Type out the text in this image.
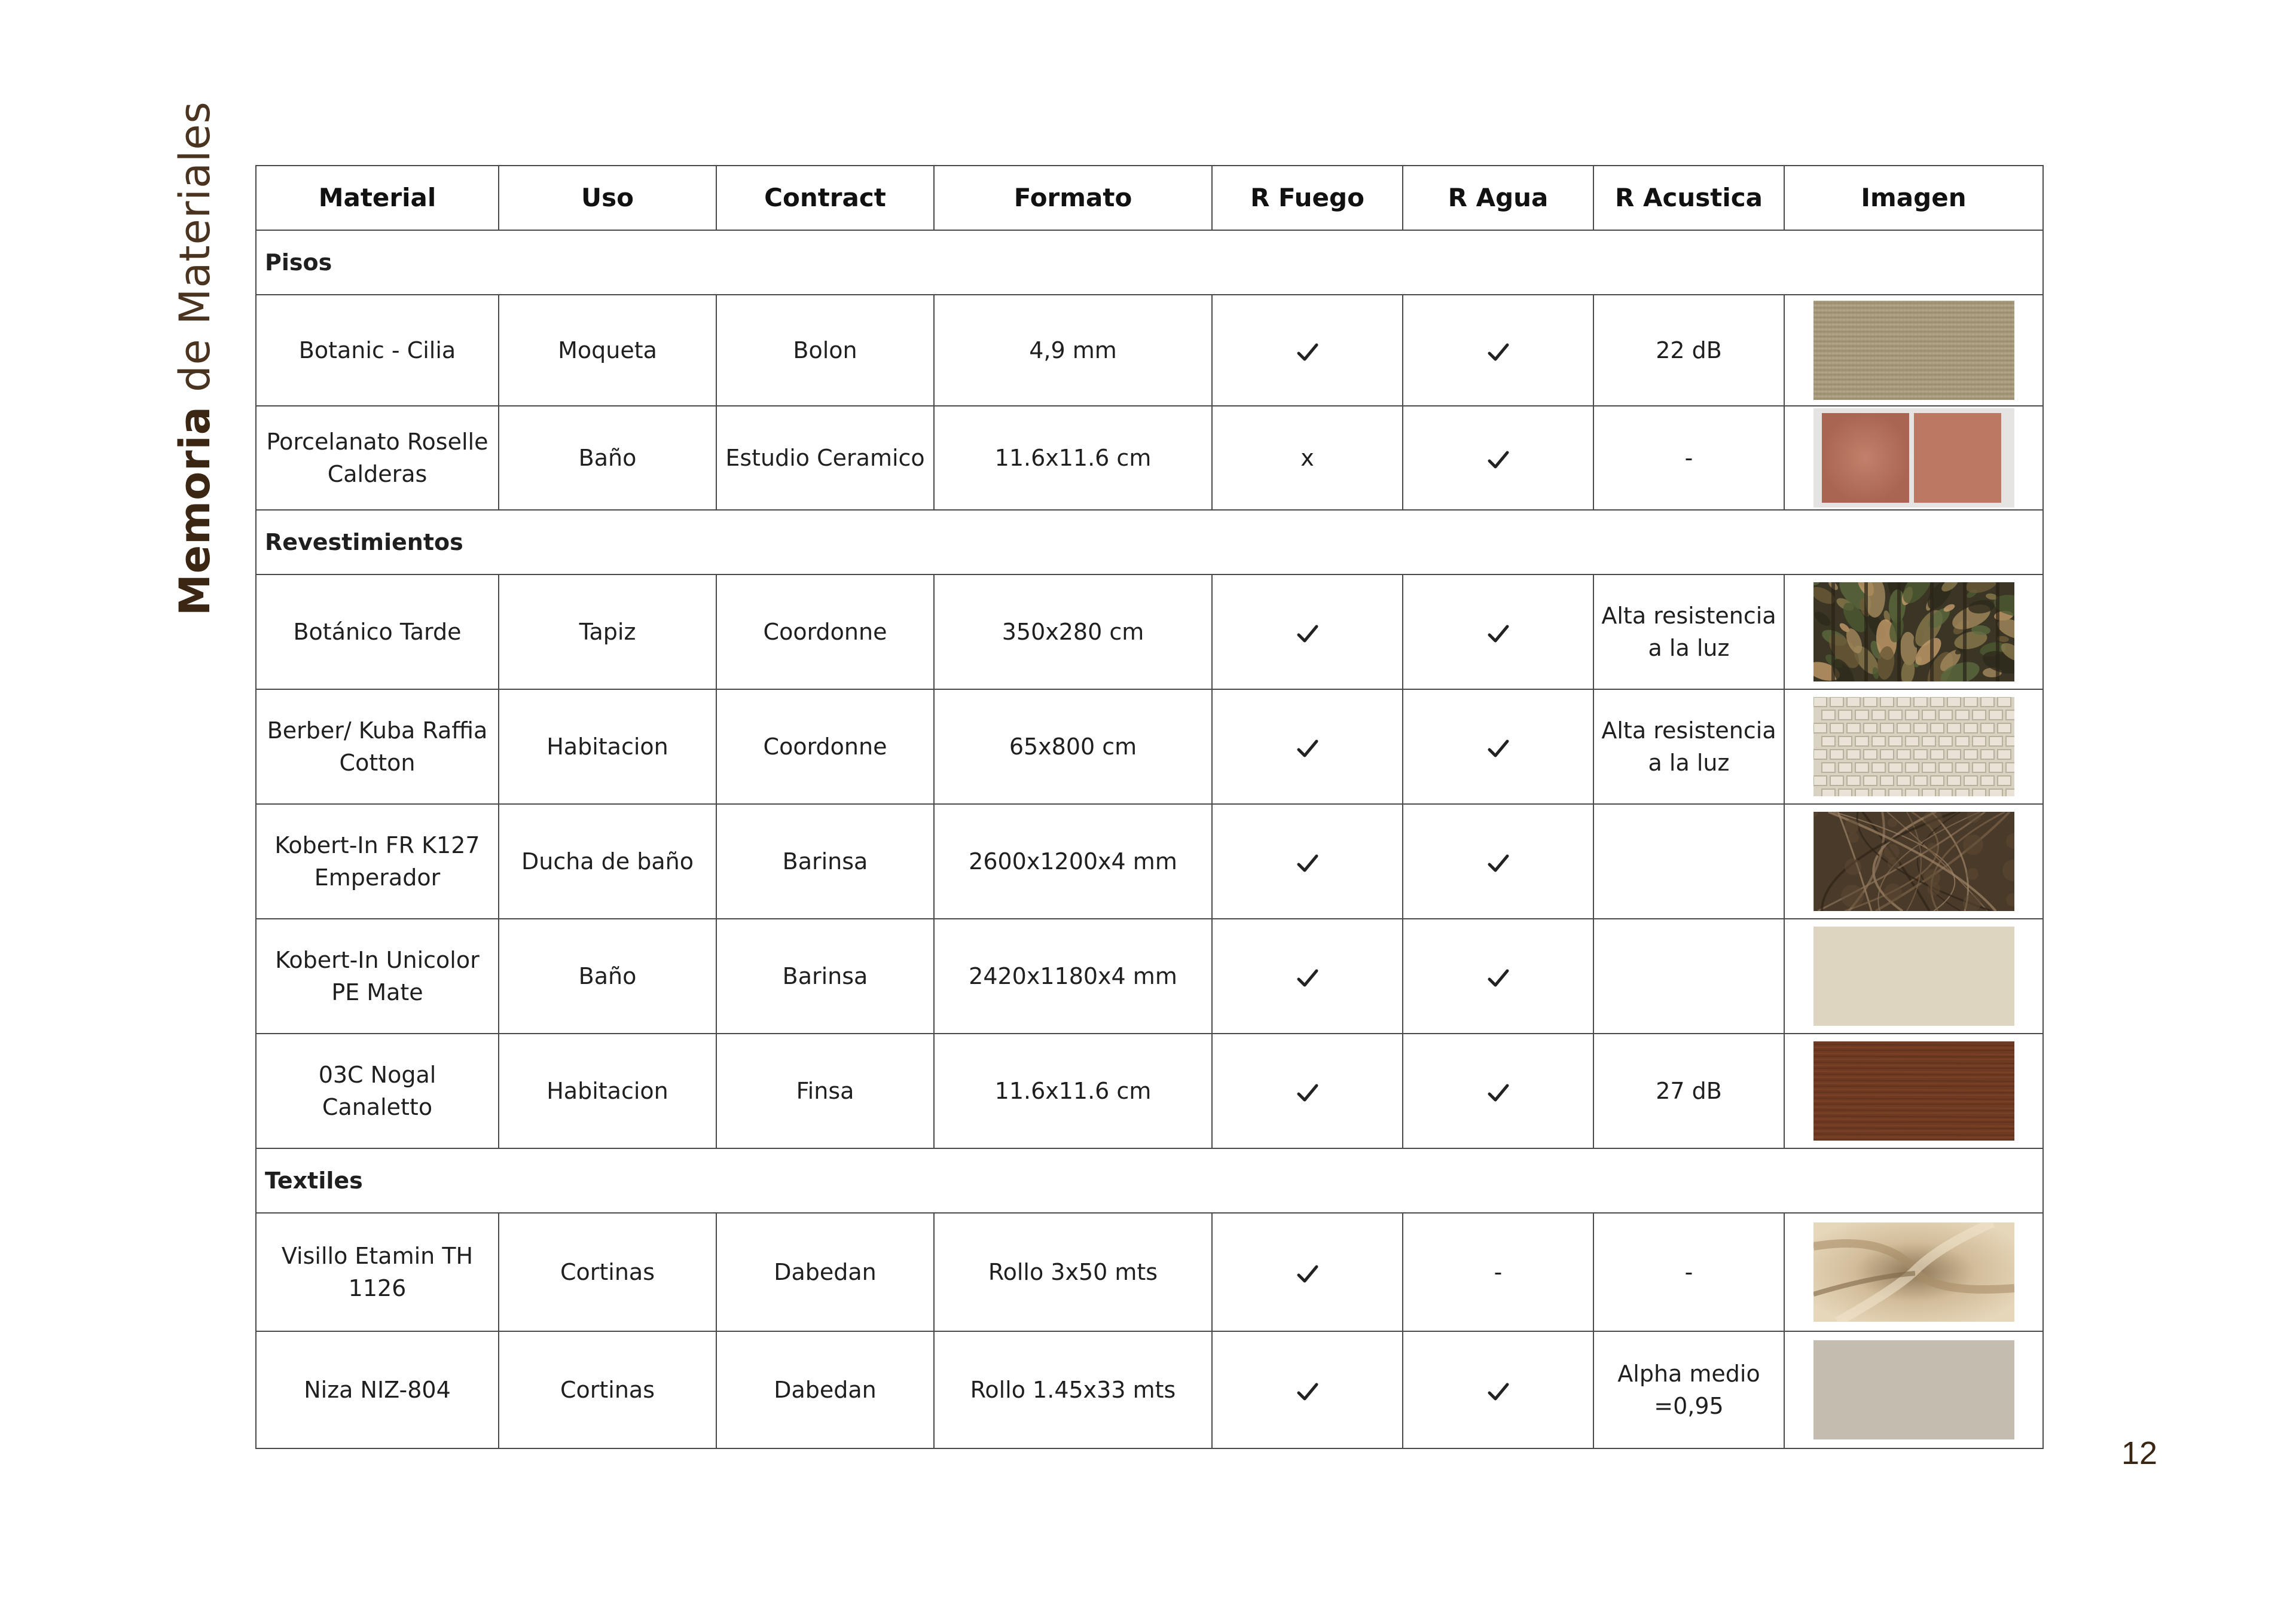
Memoria de Materiales	Material	Uso	Contract	Formato	R Fuego	R Agua	R Acustica	Imagen
Pisos							
Botanic - Cilia	Moqueta	Bolon	4,9 mm			22 dB	

Porcelanato Roselle Calderas	Baño	Estudio Ceramico	11.6x11.6 cm	x		-	

Revestimientos							
Botánico Tarde	Tapiz	Coordonne	350x280 cm			Alta resistencia a la luz	

Berber/ Kuba Raffia Cotton	Habitacion	Coordonne	65x800 cm			Alta resistencia a la luz	

Kobert-In FR K127 Emperador	Ducha de baño	Barinsa	2600x1200x4 mm				

Kobert-In Unicolor PE Mate	Baño	Barinsa	2420x1180x4 mm				

03C Nogal Canaletto	Habitacion	Finsa	11.6x11.6 cm			27 dB	

Textiles							
Visillo Etamin TH 1126	Cortinas	Dabedan	Rollo 3x50 mts		-	-	

Niza NIZ-804	Cortinas	Dabedan	Rollo 1.45x33 mts			Alpha medio =0,95	
12
